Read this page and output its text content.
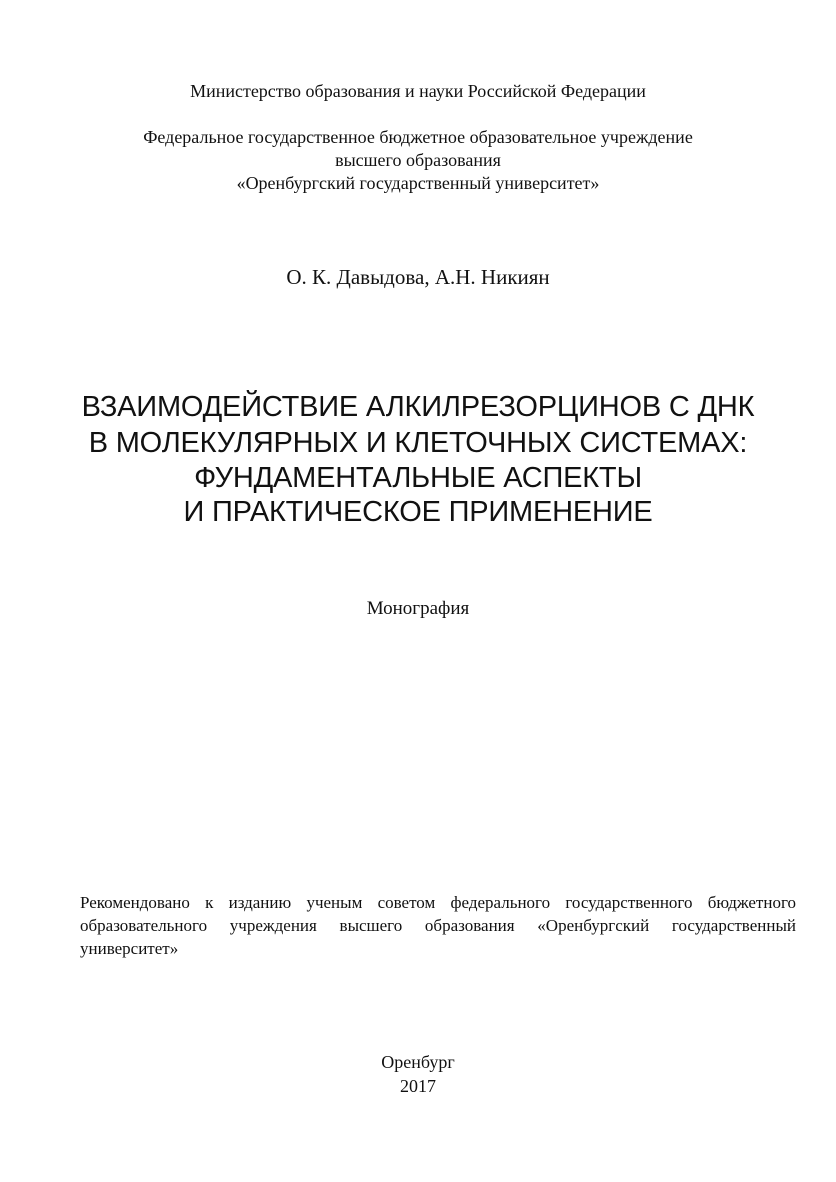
Министерство образования и науки Российской Федерации
Федеральное государственное бюджетное образовательное учреждение
высшего образования
«Оренбургский государственный университет»
О. К. Давыдова, А.Н. Никиян
ВЗАИМОДЕЙСТВИЕ АЛКИЛРЕЗОРЦИНОВ С ДНК
В МОЛЕКУЛЯРНЫХ И КЛЕТОЧНЫХ СИСТЕМАХ:
ФУНДАМЕНТАЛЬНЫЕ АСПЕКТЫ
И ПРАКТИЧЕСКОЕ ПРИМЕНЕНИЕ
Монография
Рекомендовано к изданию ученым советом федерального государственного бюджетного образовательного учреждения высшего образования «Оренбургский государственный университет»
Оренбург
2017
